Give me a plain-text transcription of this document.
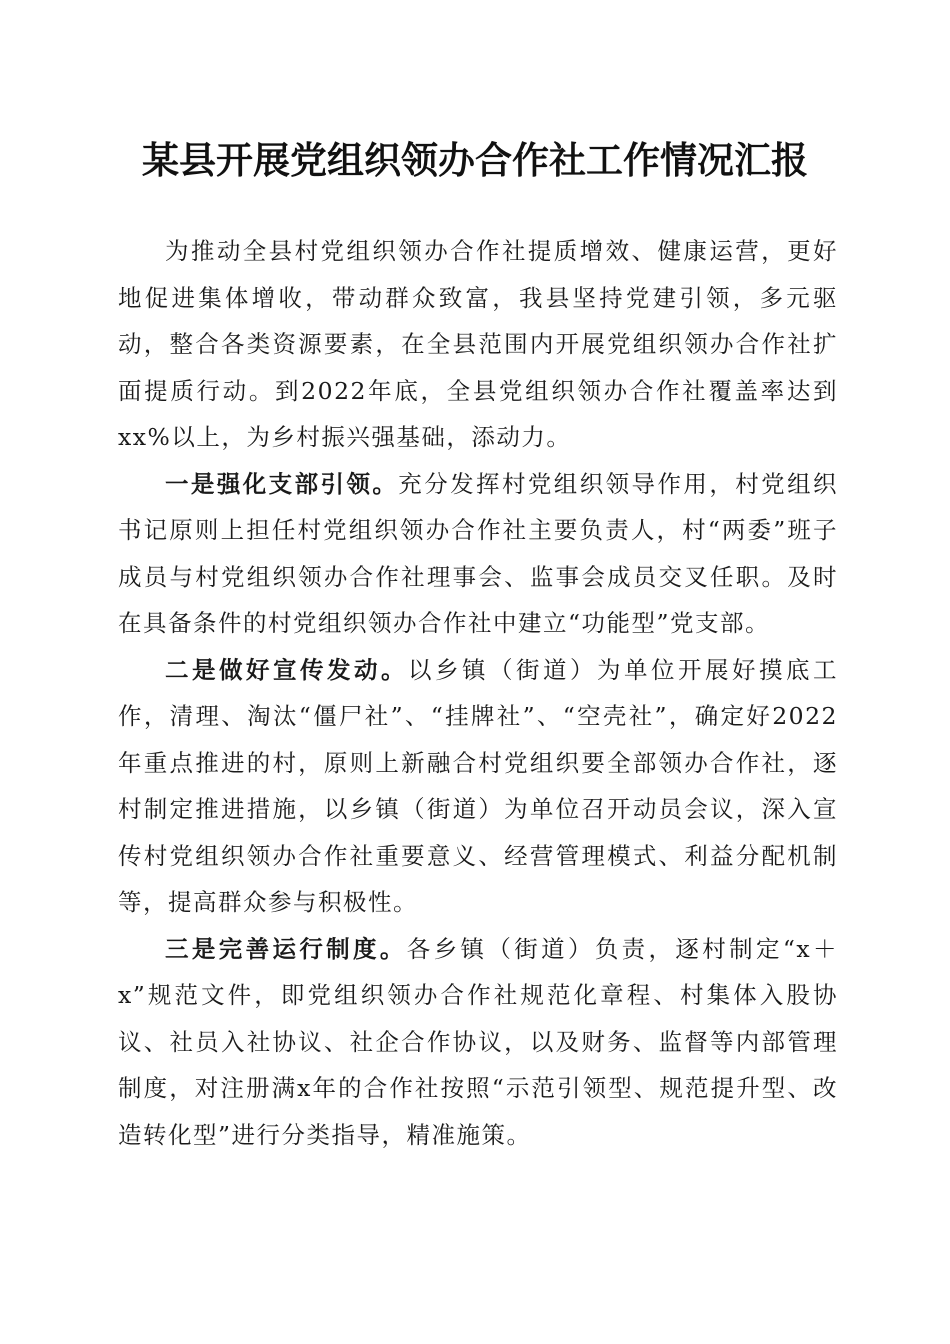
某县开展党组织领办合作社工作情况汇报

为推动全县村党组织领办合作社提质增效、健康运营，更好地促进集体增收，带动群众致富，我县坚持党建引领，多元驱动，整合各类资源要素，在全县范围内开展党组织领办合作社扩面提质行动。到2022年底，全县党组织领办合作社覆盖率达到xx%以上，为乡村振兴强基础，添动力。

一是强化支部引领。充分发挥村党组织领导作用，村党组织书记原则上担任村党组织领办合作社主要负责人，村“两委”班子成员与村党组织领办合作社理事会、监事会成员交叉任职。及时在具备条件的村党组织领办合作社中建立“功能型”党支部。

二是做好宣传发动。以乡镇（街道）为单位开展好摸底工作，清理、淘汰“僵尸社”、“挂牌社”、“空壳社”，确定好2022年重点推进的村，原则上新融合村党组织要全部领办合作社，逐村制定推进措施，以乡镇（街道）为单位召开动员会议，深入宣传村党组织领办合作社重要意义、经营管理模式、利益分配机制等，提高群众参与积极性。

三是完善运行制度。各乡镇（街道）负责，逐村制定“x＋x”规范文件，即党组织领办合作社规范化章程、村集体入股协议、社员入社协议、社企合作协议，以及财务、监督等内部管理制度，对注册满x年的合作社按照“示范引领型、规范提升型、改造转化型”进行分类指导，精准施策。
